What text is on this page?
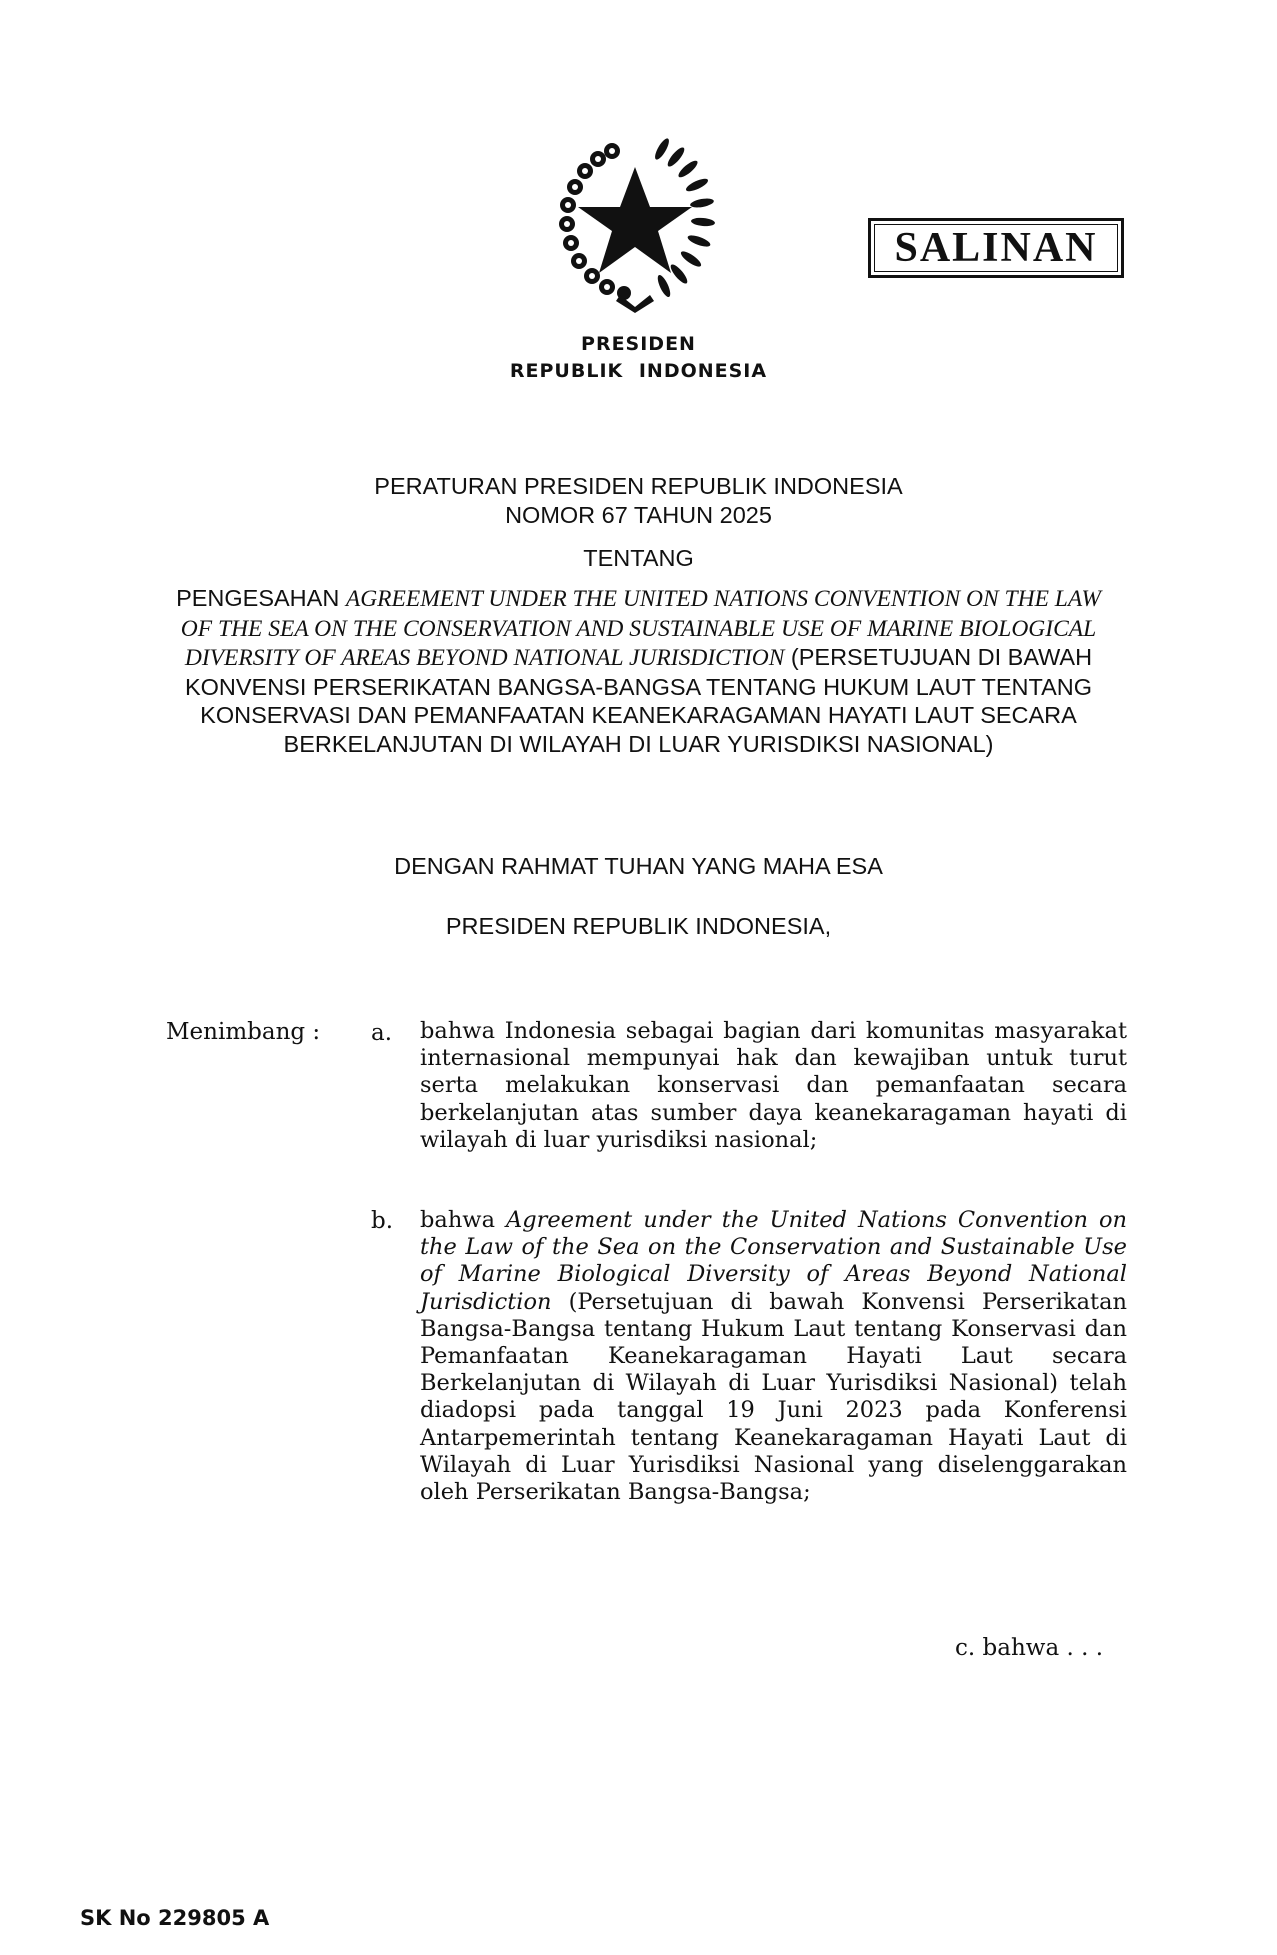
SALINAN
PRESIDEN
REPUBLIK INDONESIA
PERATURAN PRESIDEN REPUBLIK INDONESIA
NOMOR 67 TAHUN 2025
TENTANG
PENGESAHAN AGREEMENT UNDER THE UNITED NATIONS CONVENTION ON THE LAW OF THE SEA ON THE CONSERVATION AND SUSTAINABLE USE OF MARINE BIOLOGICAL DIVERSITY OF AREAS BEYOND NATIONAL JURISDICTION (PERSETUJUAN DI BAWAH KONVENSI PERSERIKATAN BANGSA-BANGSA TENTANG HUKUM LAUT TENTANG KONSERVASI DAN PEMANFAATAN KEANEKARAGAMAN HAYATI LAUT SECARA BERKELANJUTAN DI WILAYAH DI LUAR YURISDIKSI NASIONAL)
DENGAN RAHMAT TUHAN YANG MAHA ESA
PRESIDEN REPUBLIK INDONESIA,
Menimbang : a. bahwa Indonesia sebagai bagian dari komunitas masyarakat internasional mempunyai hak dan kewajiban untuk turut serta melakukan konservasi dan pemanfaatan secara berkelanjutan atas sumber daya keanekaragaman hayati di wilayah di luar yurisdiksi nasional;
b. bahwa Agreement under the United Nations Convention on the Law of the Sea on the Conservation and Sustainable Use of Marine Biological Diversity of Areas Beyond National Jurisdiction (Persetujuan di bawah Konvensi Perserikatan Bangsa-Bangsa tentang Hukum Laut tentang Konservasi dan Pemanfaatan Keanekaragaman Hayati Laut secara Berkelanjutan di Wilayah di Luar Yurisdiksi Nasional) telah diadopsi pada tanggal 19 Juni 2023 pada Konferensi Antarpemerintah tentang Keanekaragaman Hayati Laut di Wilayah di Luar Yurisdiksi Nasional yang diselenggarakan oleh Perserikatan Bangsa-Bangsa;
c. bahwa . . .
SK No 229805 A
